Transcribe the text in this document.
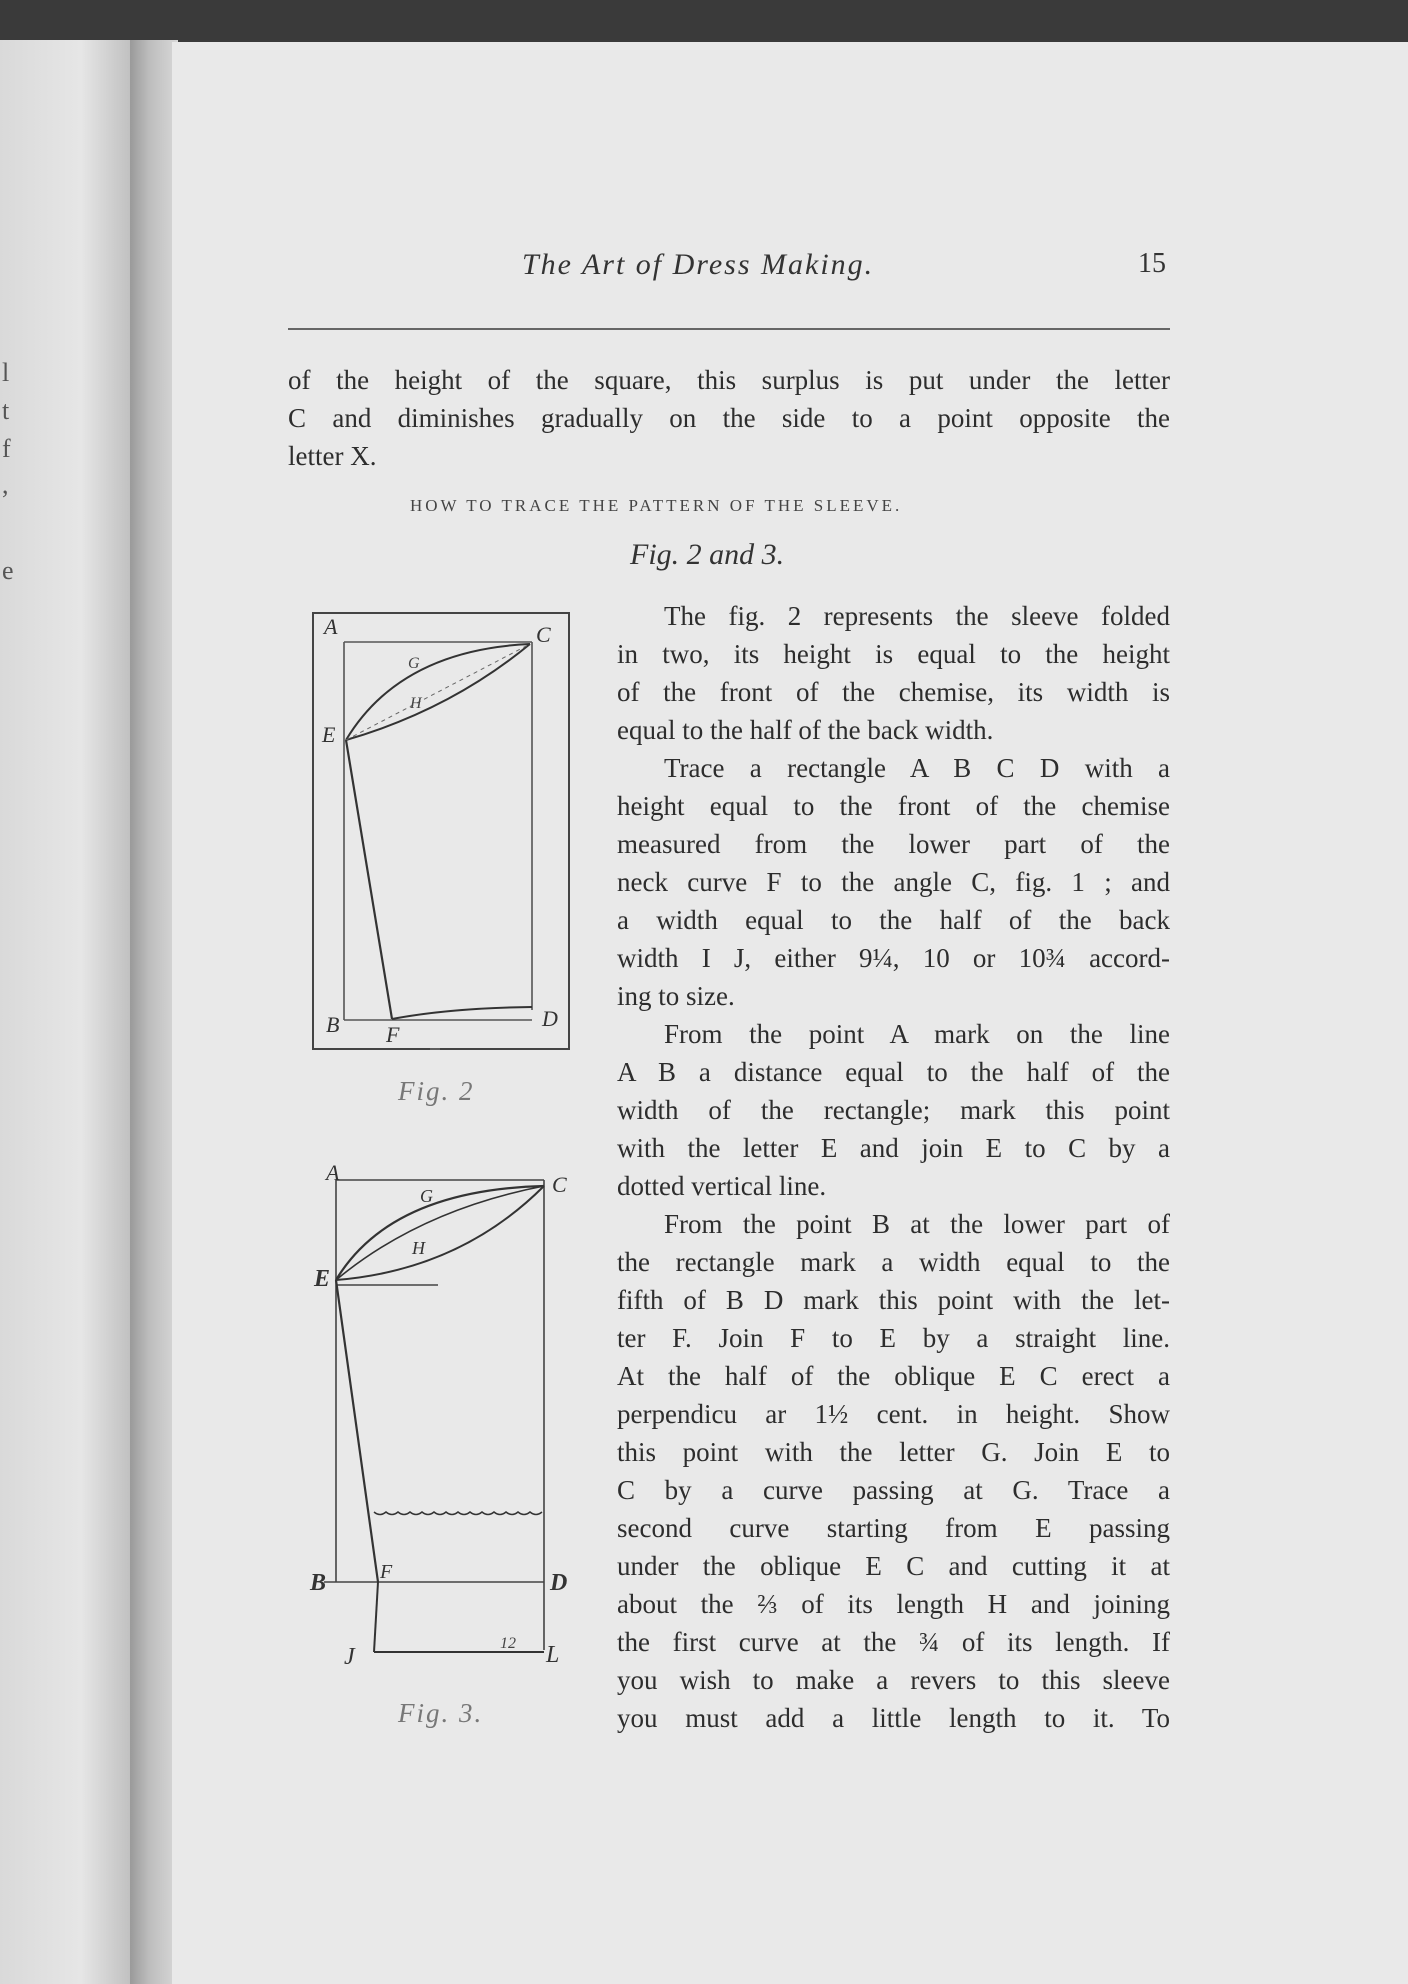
l
t
f
,
e
The Art of Dress Making.	15
of the height of the square, this surplus is put under the letter
C and diminishes gradually on the side to a point opposite the
letter X.
HOW TO TRACE THE PATTERN OF THE SLEEVE.
Fig. 2 and 3.
The fig. 2 represents the sleeve folded
in two, its height is equal to the height
of the front of the chemise, its width is
equal to the half of the back width.
Trace a rectangle A B C D with a
height equal to the front of the chemise
measured from the lower part of the
neck curve F to the angle C, fig. 1 ; and
a width equal to the half of the back
width I J, either 9¼, 10 or 10¾ accord-
ing to size.
From the point A mark on the line
A B a distance equal to the half of the
width of the rectangle; mark this point
with the letter E and join E to C by a
dotted vertical line.
From the point B at the lower part of
the rectangle mark a width equal to the
fifth of B D mark this point with the let-
ter F. Join F to E by a straight line.
At the half of the oblique E C erect a
perpendicu ar 1½ cent. in height. Show
this point with the letter G. Join E to
C by a curve passing at G. Trace a
second curve starting from E passing
under the oblique E C and cutting it at
about the ⅔ of its length H and joining
the first curve at the ¾ of its length. If
you wish to make a revers to this sleeve
you must add a little length to it. To
A	C
G
H
E
B F
D
Fig. 2
A	C
G
H
E
B	F	D
J	L
12
Fig. 3.
